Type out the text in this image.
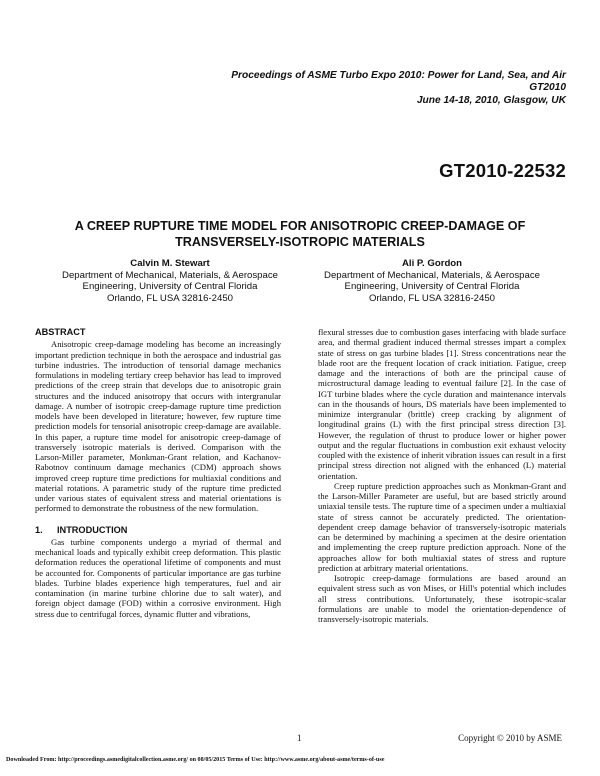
Proceedings of ASME Turbo Expo 2010: Power for Land, Sea, and Air
GT2010
June 14-18, 2010, Glasgow, UK
GT2010-22532
A CREEP RUPTURE TIME MODEL FOR ANISOTROPIC CREEP-DAMAGE OF TRANSVERSELY-ISOTROPIC MATERIALS
Calvin M. Stewart
Department of Mechanical, Materials, & Aerospace
Engineering, University of Central Florida
Orlando, FL USA 32816-2450
Ali P. Gordon
Department of Mechanical, Materials, & Aerospace
Engineering, University of Central Florida
Orlando, FL USA 32816-2450
ABSTRACT

Anisotropic creep-damage modeling has become an increasingly important prediction technique in both the aerospace and industrial gas turbine industries. The introduction of tensorial damage mechanics formulations in modeling tertiary creep behavior has lead to improved predictions of the creep strain that develops due to anisotropic grain structures and the induced anisotropy that occurs with intergranular damage. A number of isotropic creep-damage rupture time prediction models have been developed in literature; however, few rupture time prediction models for tensorial anisotropic creep-damage are available. In this paper, a rupture time model for anisotropic creep-damage of transversely isotropic materials is derived. Comparison with the Larson-Miller parameter, Monkman-Grant relation, and Kachanov-Rabotnov continuum damage mechanics (CDM) approach shows improved creep rupture time predictions for multiaxial conditions and material rotations. A parametric study of the rupture time predicted under various states of equivalent stress and material orientations is performed to demonstrate the robustness of the new formulation.

1. INTRODUCTION

Gas turbine components undergo a myriad of thermal and mechanical loads and typically exhibit creep deformation. This plastic deformation reduces the operational lifetime of components and must be accounted for. Components of particular importance are gas turbine blades. Turbine blades experience high temperatures, fuel and air contamination (in marine turbine chlorine due to salt water), and foreign object damage (FOD) within a corrosive environment. High stress due to centrifugal forces, dynamic flutter and vibrations,

flexural stresses due to combustion gases interfacing with blade surface area, and thermal gradient induced thermal stresses impart a complex state of stress on gas turbine blades [1]. Stress concentrations near the blade root are the frequent location of crack initiation. Fatigue, creep damage and the interactions of both are the principal cause of microstructural damage leading to eventual failure [2]. In the case of IGT turbine blades where the cycle duration and maintenance intervals can in the thousands of hours, DS materials have been implemented to minimize intergranular (brittle) creep cracking by alignment of longitudinal grains (L) with the first principal stress direction [3]. However, the regulation of thrust to produce lower or higher power output and the regular fluctuations in combustion exit exhaust velocity coupled with the existence of inherit vibration issues can result in a first principal stress direction not aligned with the enhanced (L) material orientation.

Creep rupture prediction approaches such as Monkman-Grant and the Larson-Miller Parameter are useful, but are based strictly around uniaxial tensile tests. The rupture time of a specimen under a multiaxial state of stress cannot be accurately predicted. The orientation-dependent creep damage behavior of transversely-isotropic materials can be determined by machining a specimen at the desire orientation and implementing the creep rupture prediction approach. None of the approaches allow for both multiaxial states of stress and rupture prediction at arbitrary material orientations.

Isotropic creep-damage formulations are based around an equivalent stress such as von Mises, or Hill's potential which includes all stress contributions. Unfortunately, these isotropic-scalar formulations are unable to model the orientation-dependence of transversely-isotropic materials.

1	Copyright © 2010 by ASME
Downloaded From: http://proceedings.asmedigitalcollection.asme.org/ on 08/05/2015 Terms of Use: http://www.asme.org/about-asme/terms-of-use
